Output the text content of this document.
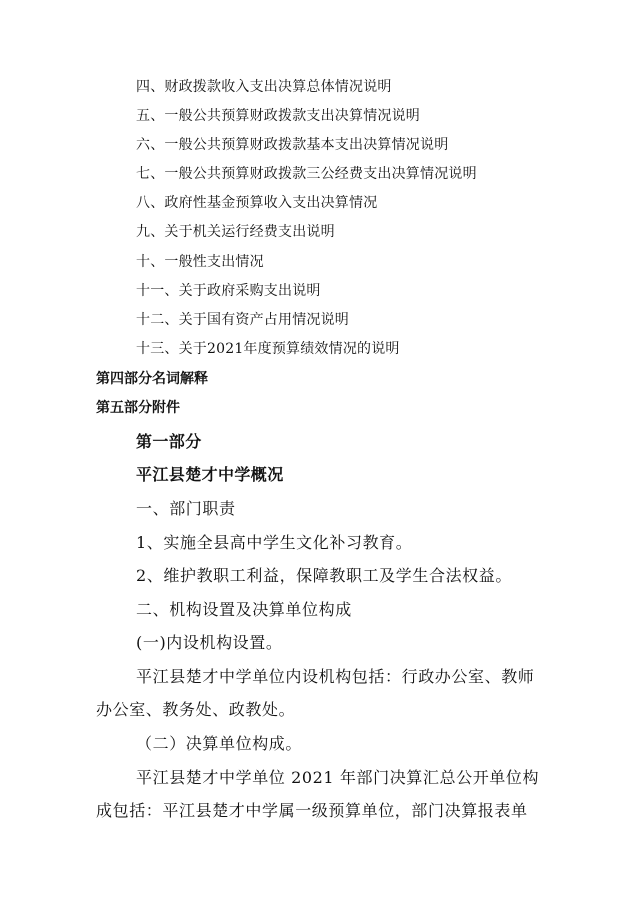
四、财政拨款收入支出决算总体情况说明

五、一般公共预算财政拨款支出决算情况说明

六、一般公共预算财政拨款基本支出决算情况说明

七、一般公共预算财政拨款三公经费支出决算情况说明

八、政府性基金预算收入支出决算情况

九、关于机关运行经费支出说明

十、一般性支出情况

十一、关于政府采购支出说明

十二、关于国有资产占用情况说明

十三、关于2021年度预算绩效情况的说明

第四部分名词解释

第五部分附件

第一部分

平江县楚才中学概况

一、部门职责

1、实施全县高中学生文化补习教育。

2、维护教职工利益，保障教职工及学生合法权益。

二、机构设置及决算单位构成

(一)内设机构设置。

平江县楚才中学单位内设机构包括：行政办公室、教师

办公室、教务处、政教处。

（二）决算单位构成。

平江县楚才中学单位 2021 年部门决算汇总公开单位构

成包括：平江县楚才中学属一级预算单位，部门决算报表单
